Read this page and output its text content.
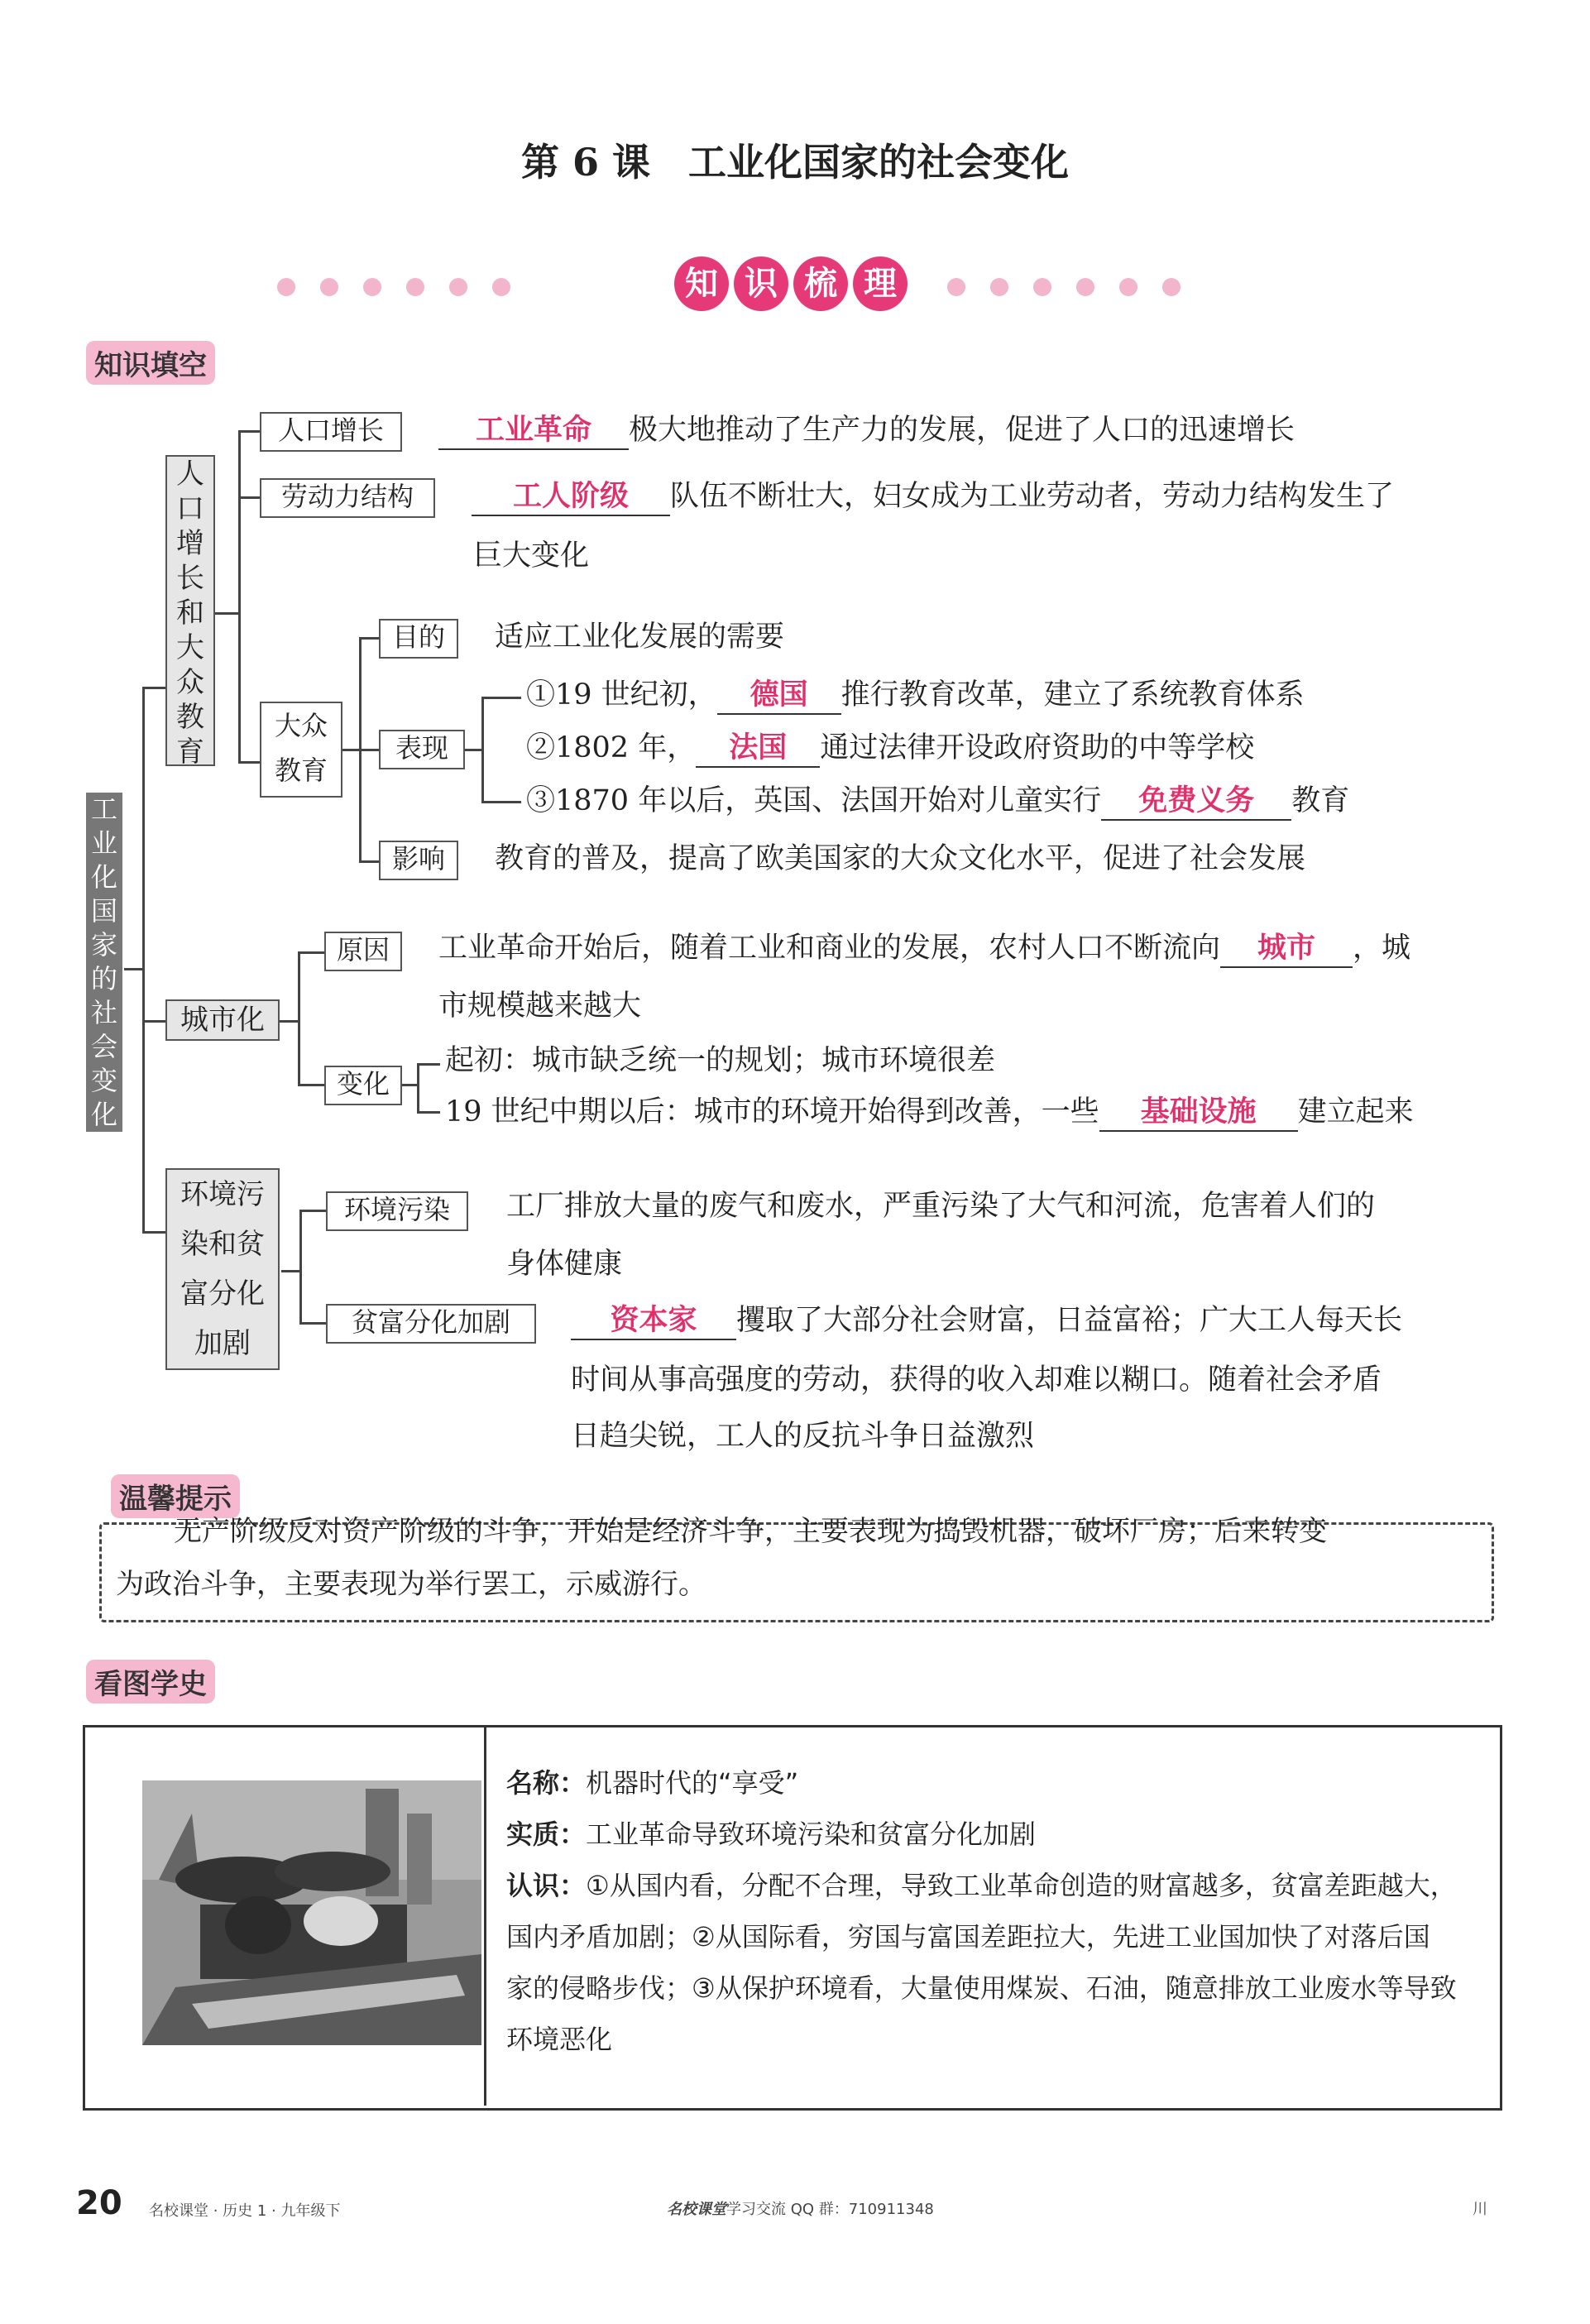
第 6 课　工业化国家的社会变化
知 识 梳 理
知识填空
工
业
化
国
家
的
社
会
变
化
人
口
增
长
和
大
众
教
育
人口增长	工业革命 极大地推动了生产力的发展，促进了人口的迅速增长
劳动力结构	工人阶级 队伍不断壮大，妇女成为工业劳动者，劳动力结构发生了
巨大变化
大众
教育
目的	适应工业化发展的需要
表现
①19 世纪初， 德国 推行教育改革，建立了系统教育体系
②1802 年， 法国 通过法律开设政府资助的中等学校
③1870 年以后，英国、法国开始对儿童实行 免费义务 教育
影响	教育的普及，提高了欧美国家的大众文化水平，促进了社会发展
城市化
原因	工业革命开始后，随着工业和商业的发展，农村人口不断流向 城市 ，城
市规模越来越大
变化
起初：城市缺乏统一的规划；城市环境很差
19 世纪中期以后：城市的环境开始得到改善，一些 基础设施 建立起来
环境污
染和贫
富分化
加剧
环境污染	工厂排放大量的废气和废水，严重污染了大气和河流，危害着人们的
身体健康
贫富分化加剧	资本家 攫取了大部分社会财富，日益富裕；广大工人每天长
时间从事高强度的劳动，获得的收入却难以糊口。随着社会矛盾
日趋尖锐，工人的反抗斗争日益激烈
温馨提示
无产阶级反对资产阶级的斗争，开始是经济斗争，主要表现为捣毁机器，破坏厂房；后来转变
为政治斗争，主要表现为举行罢工，示威游行。
看图学史
名称：机器时代的“享受”
实质：工业革命导致环境污染和贫富分化加剧
认识：①从国内看，分配不合理，导致工业革命创造的财富越多，贫富差距越大，
国内矛盾加剧；②从国际看，穷国与富国差距拉大，先进工业国加快了对落后国
家的侵略步伐；③从保护环境看，大量使用煤炭、石油，随意排放工业废水等导致
环境恶化
20 名校课堂 · 历史 1 · 九年级下	名校课堂学习交流 QQ 群：710911348	川
